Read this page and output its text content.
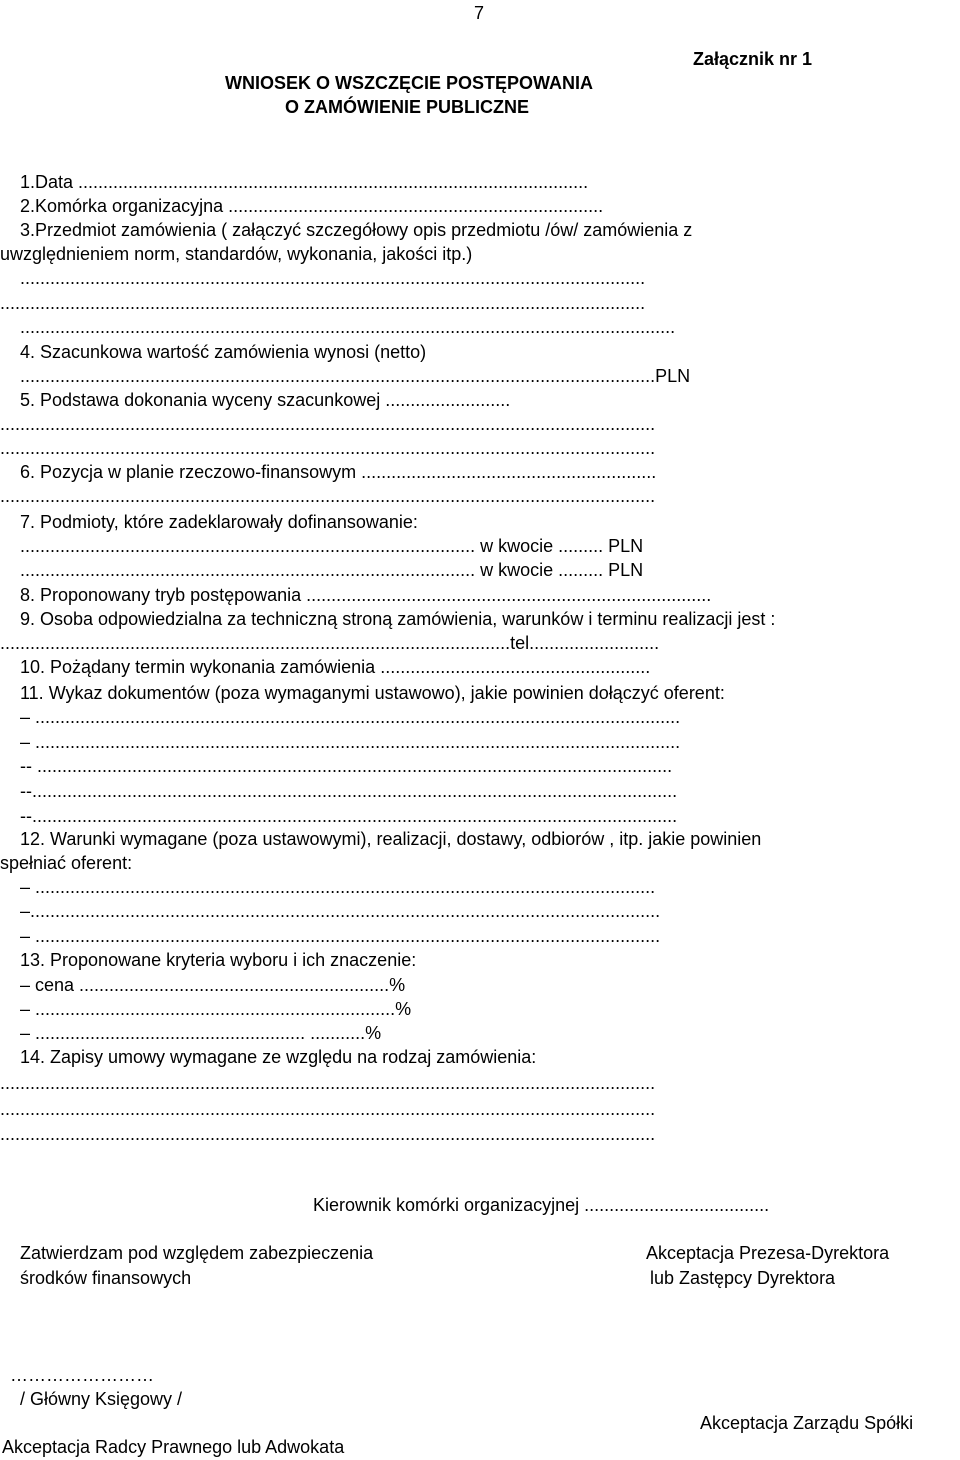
7
Załącznik nr 1
WNIOSEK O WSZCZĘCIE POSTĘPOWANIA
O ZAMÓWIENIE PUBLICZNE
1.Data ......................................................................................................
2.Komórka organizacyjna ...........................................................................
3.Przedmiot zamówienia ( załączyć szczegółowy opis przedmiotu /ów/ zamówienia z
uwzględnieniem norm, standardów, wykonania, jakości itp.)
.............................................................................................................................
.................................................................................................................................
...................................................................................................................................
4. Szacunkowa wartość zamówienia wynosi (netto)
...............................................................................................................................PLN
5. Podstawa dokonania wyceny szacunkowej .........................
...................................................................................................................................
...................................................................................................................................
6. Pozycja w planie rzeczowo-finansowym ...........................................................
...................................................................................................................................
7. Podmioty, które zadeklarowały dofinansowanie:
........................................................................................... w kwocie ......... PLN
........................................................................................... w kwocie ......... PLN
8. Proponowany tryb postępowania .................................................................................
9. Osoba odpowiedzialna za techniczną stroną zamówienia, warunków i terminu realizacji jest :
......................................................................................................tel..........................
10. Pożądany termin wykonania zamówienia ......................................................
11. Wykaz dokumentów (poza wymaganymi ustawowo), jakie powinien dołączyć oferent:
– .................................................................................................................................
– .................................................................................................................................
-- ...............................................................................................................................
--.................................................................................................................................
--.................................................................................................................................
12. Warunki wymagane (poza ustawowymi), realizacji, dostawy, odbiorów , itp. jakie powinien
spełniać oferent:
– ............................................................................................................................
–..............................................................................................................................
– .............................................................................................................................
13. Proponowane kryteria wyboru i ich znaczenie:
– cena ..............................................................%
– ........................................................................%
– ...................................................... ...........%
14. Zapisy umowy wymagane ze względu na rodzaj zamówienia:
...................................................................................................................................
...................................................................................................................................
...................................................................................................................................
Kierownik komórki organizacyjnej .....................................
Zatwierdzam pod względem zabezpieczenia
środków finansowych
Akceptacja Prezesa-Dyrektora
lub Zastępcy Dyrektora
……………………
/ Główny Księgowy /
Akceptacja Zarządu Spółki
Akceptacja Radcy Prawnego lub Adwokata
